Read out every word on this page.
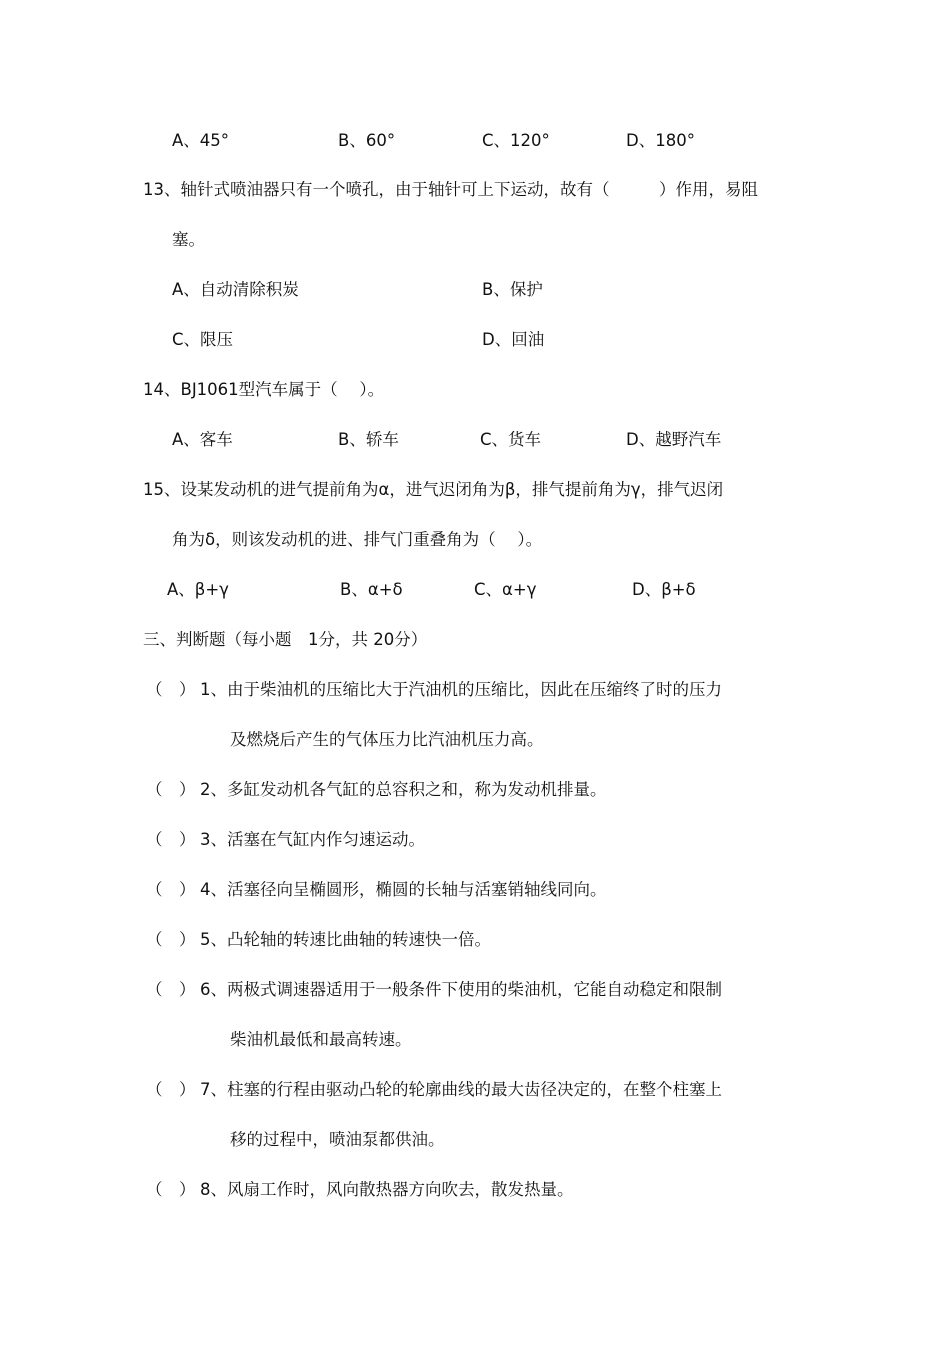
A、45°	B、60°	C、120°	D、180°
13、轴针式喷油器只有一个喷孔，由于轴针可上下运动，故有（　　　）作用，易阻
塞。
A、自动清除积炭	B、保护
C、限压	D、回油
14、BJ1061型汽车属于（　 ）。
A、客车	B、轿车	C、货车	D、越野汽车
15、设某发动机的进气提前角为α，进气迟闭角为β，排气提前角为γ，排气迟闭
角为δ，则该发动机的进、排气门重叠角为（　 ）。
A、β+γ	B、α+δ	C、α+γ	D、β+δ
三、判断题（每小题　1分，共 20分）
（　） 1、由于柴油机的压缩比大于汽油机的压缩比，因此在压缩终了时的压力
及燃烧后产生的气体压力比汽油机压力高。
（　） 2、多缸发动机各气缸的总容积之和，称为发动机排量。
（　） 3、活塞在气缸内作匀速运动。
（　） 4、活塞径向呈椭圆形，椭圆的长轴与活塞销轴线同向。
（　） 5、凸轮轴的转速比曲轴的转速快一倍。
（　） 6、两极式调速器适用于一般条件下使用的柴油机，它能自动稳定和限制
柴油机最低和最高转速。
（　） 7、柱塞的行程由驱动凸轮的轮廓曲线的最大齿径决定的，在整个柱塞上
移的过程中，喷油泵都供油。
（　） 8、风扇工作时，风向散热器方向吹去，散发热量。
